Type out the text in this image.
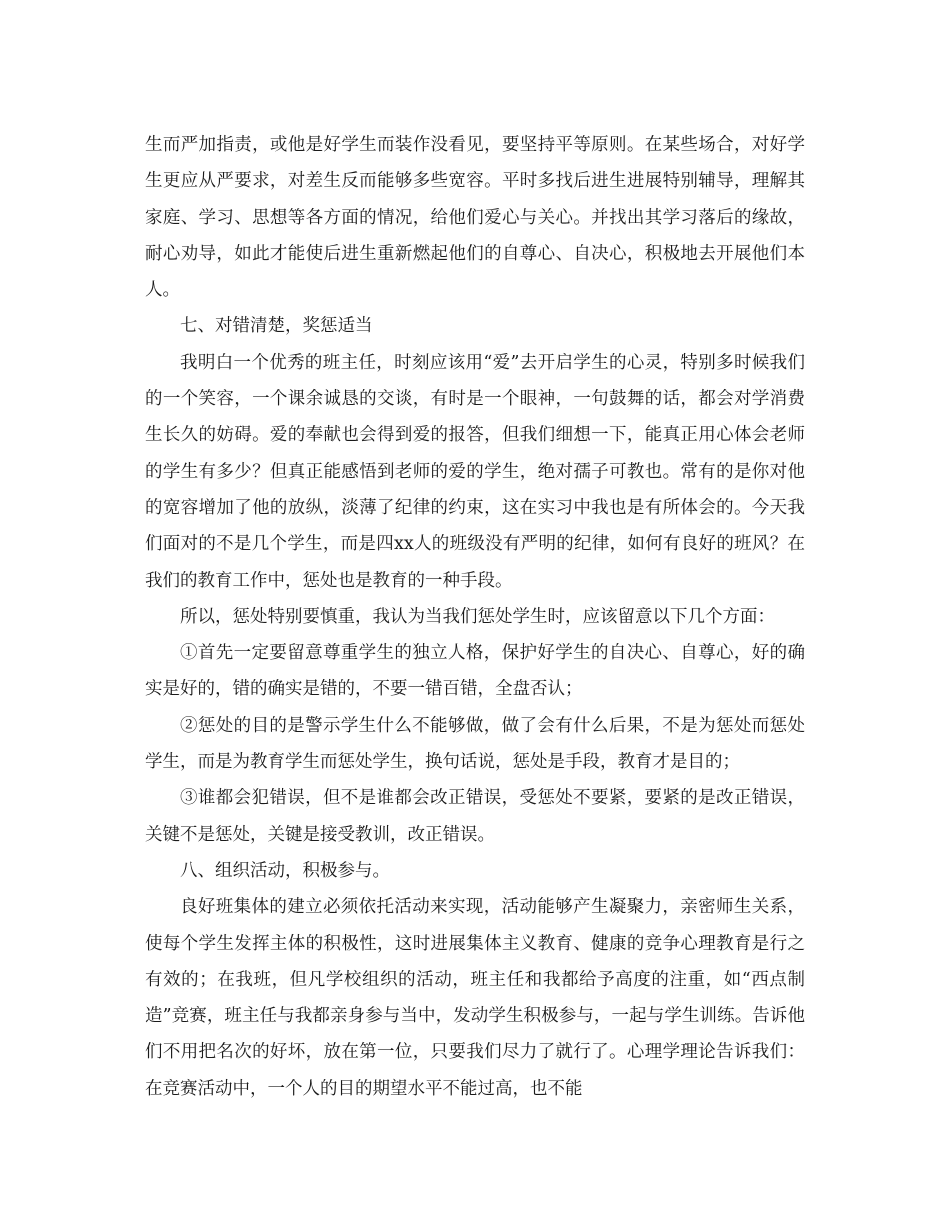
生而严加指责，或他是好学生而装作没看见，要坚持平等原则。在某些场合，对好学生更应从严要求，对差生反而能够多些宽容。平时多找后进生进展特别辅导，理解其家庭、学习、思想等各方面的情况，给他们爱心与关心。并找出其学习落后的缘故，耐心劝导，如此才能使后进生重新燃起他们的自尊心、自决心，积极地去开展他们本人。

七、对错清楚，奖惩适当

我明白一个优秀的班主任，时刻应该用“爱”去开启学生的心灵，特别多时候我们的一个笑容，一个课余诚恳的交谈，有时是一个眼神，一句鼓舞的话，都会对学消费生长久的妨碍。爱的奉献也会得到爱的报答，但我们细想一下，能真正用心体会老师的学生有多少？但真正能感悟到老师的爱的学生，绝对孺子可教也。常有的是你对他的宽容增加了他的放纵，淡薄了纪律的约束，这在实习中我也是有所体会的。今天我们面对的不是几个学生，而是四xx人的班级没有严明的纪律，如何有良好的班风？在我们的教育工作中，惩处也是教育的一种手段。

所以，惩处特别要慎重，我认为当我们惩处学生时，应该留意以下几个方面：

①首先一定要留意尊重学生的独立人格，保护好学生的自决心、自尊心，好的确实是好的，错的确实是错的，不要一错百错，全盘否认；

②惩处的目的是警示学生什么不能够做，做了会有什么后果，不是为惩处而惩处学生，而是为教育学生而惩处学生，换句话说，惩处是手段，教育才是目的；

③谁都会犯错误，但不是谁都会改正错误，受惩处不要紧，要紧的是改正错误，关键不是惩处，关键是接受教训，改正错误。

八、组织活动，积极参与。

良好班集体的建立必须依托活动来实现，活动能够产生凝聚力，亲密师生关系，使每个学生发挥主体的积极性，这时进展集体主义教育、健康的竞争心理教育是行之有效的；在我班，但凡学校组织的活动，班主任和我都给予高度的注重，如“西点制造”竞赛，班主任与我都亲身参与当中，发动学生积极参与，一起与学生训练。告诉他们不用把名次的好坏，放在第一位，只要我们尽力了就行了。心理学理论告诉我们：在竞赛活动中，一个人的目的期望水平不能过高，也不能
